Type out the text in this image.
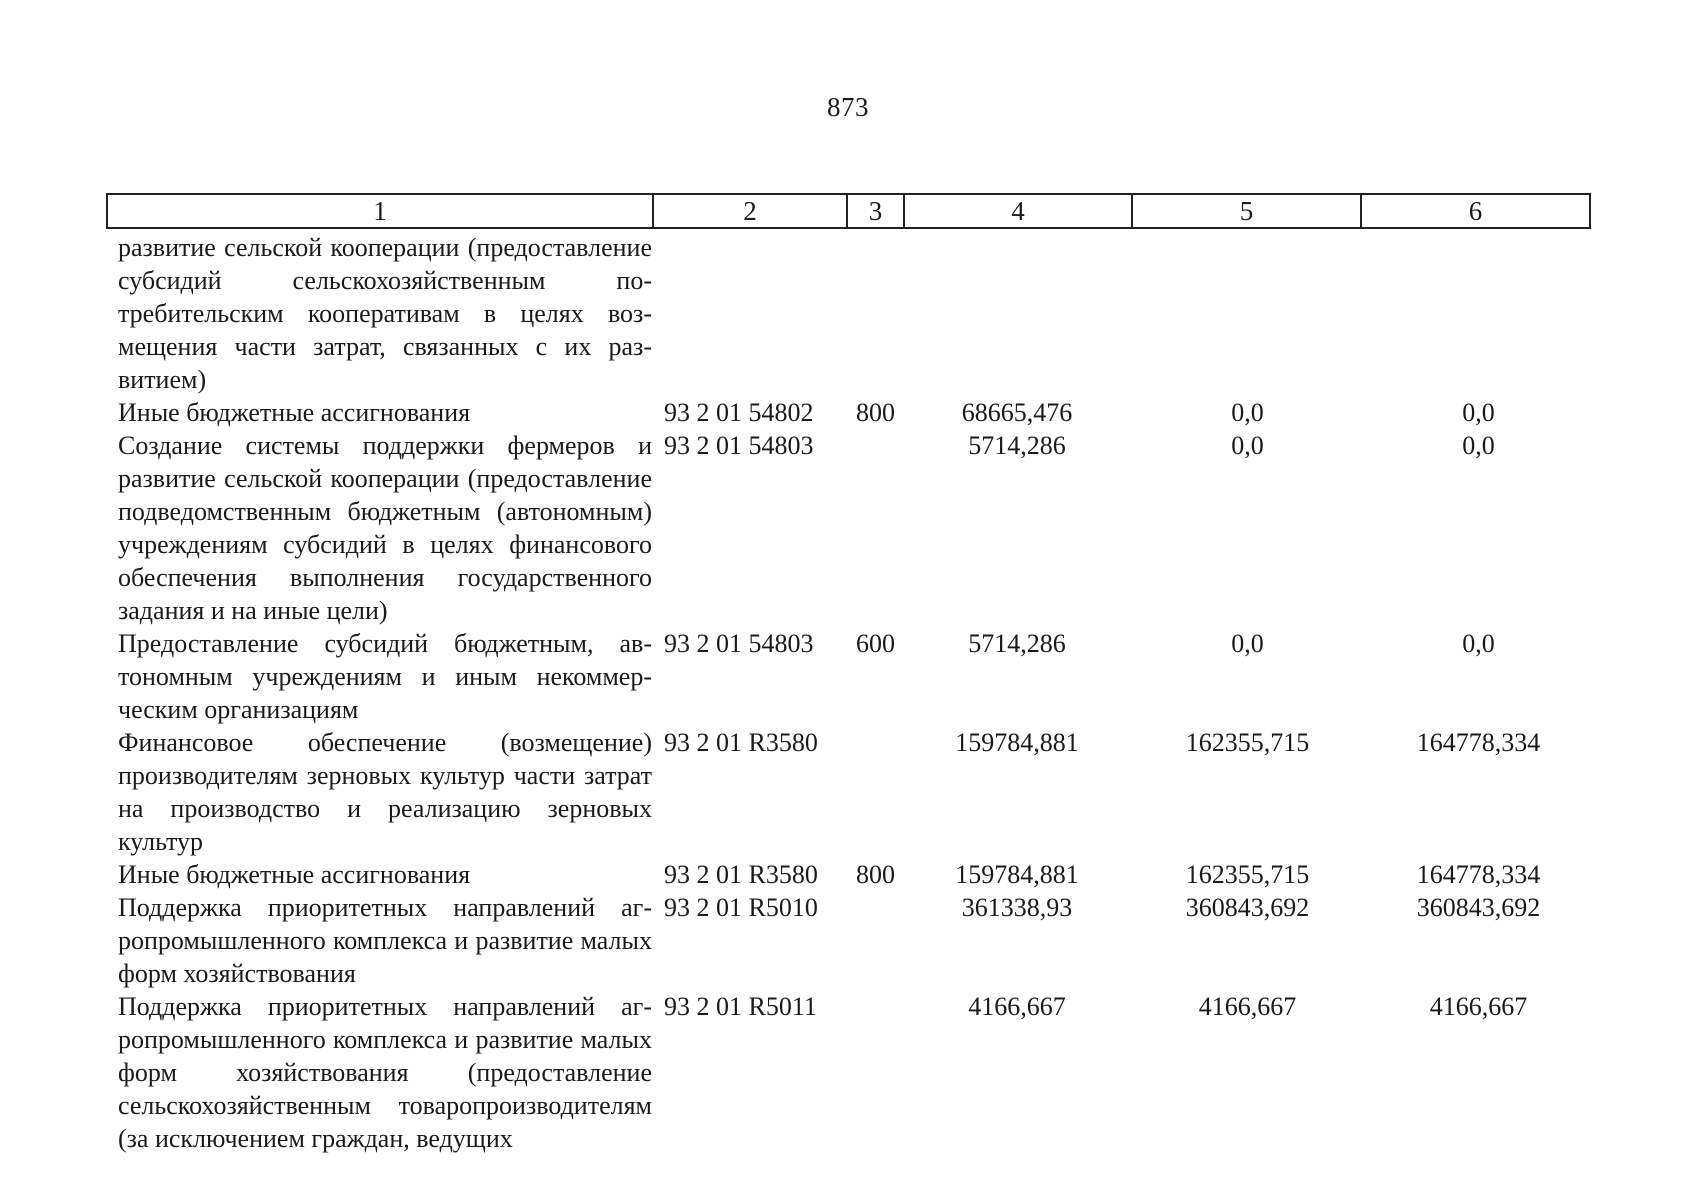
873
1	2	3	4	5	6
развитие сельской кооперации (предоставление субсидий сельскохозяйственным потребительским кооперативам в целях возмещения части затрат, связанных с их развитием)					
Иные бюджетные ассигнования	93 2 01 54802	800	68665,476	0,0	0,0
Создание системы поддержки фермеров и развитие сельской кооперации (предоставление подведомственным бюджетным (автономным) учреждениям субсидий в целях финансового обеспечения выполнения государственного задания и на иные цели)	93 2 01 54803		5714,286	0,0	0,0
Предоставление субсидий бюджетным, автономным учреждениям и иным некоммерческим организациям	93 2 01 54803	600	5714,286	0,0	0,0
Финансовое обеспечение (возмещение) производителям зерновых культур части затрат на производство и реализацию зерновых культур	93 2 01 R3580		159784,881	162355,715	164778,334
Иные бюджетные ассигнования	93 2 01 R3580	800	159784,881	162355,715	164778,334
Поддержка приоритетных направлений агропромышленного комплекса и развитие малых форм хозяйствования	93 2 01 R5010		361338,93	360843,692	360843,692
Поддержка приоритетных направлений агропромышленного комплекса и развитие малых форм хозяйствования (предоставление сельскохозяйственным товаропроизводителям (за исключением граждан, ведущих	93 2 01 R5011		4166,667	4166,667	4166,667
